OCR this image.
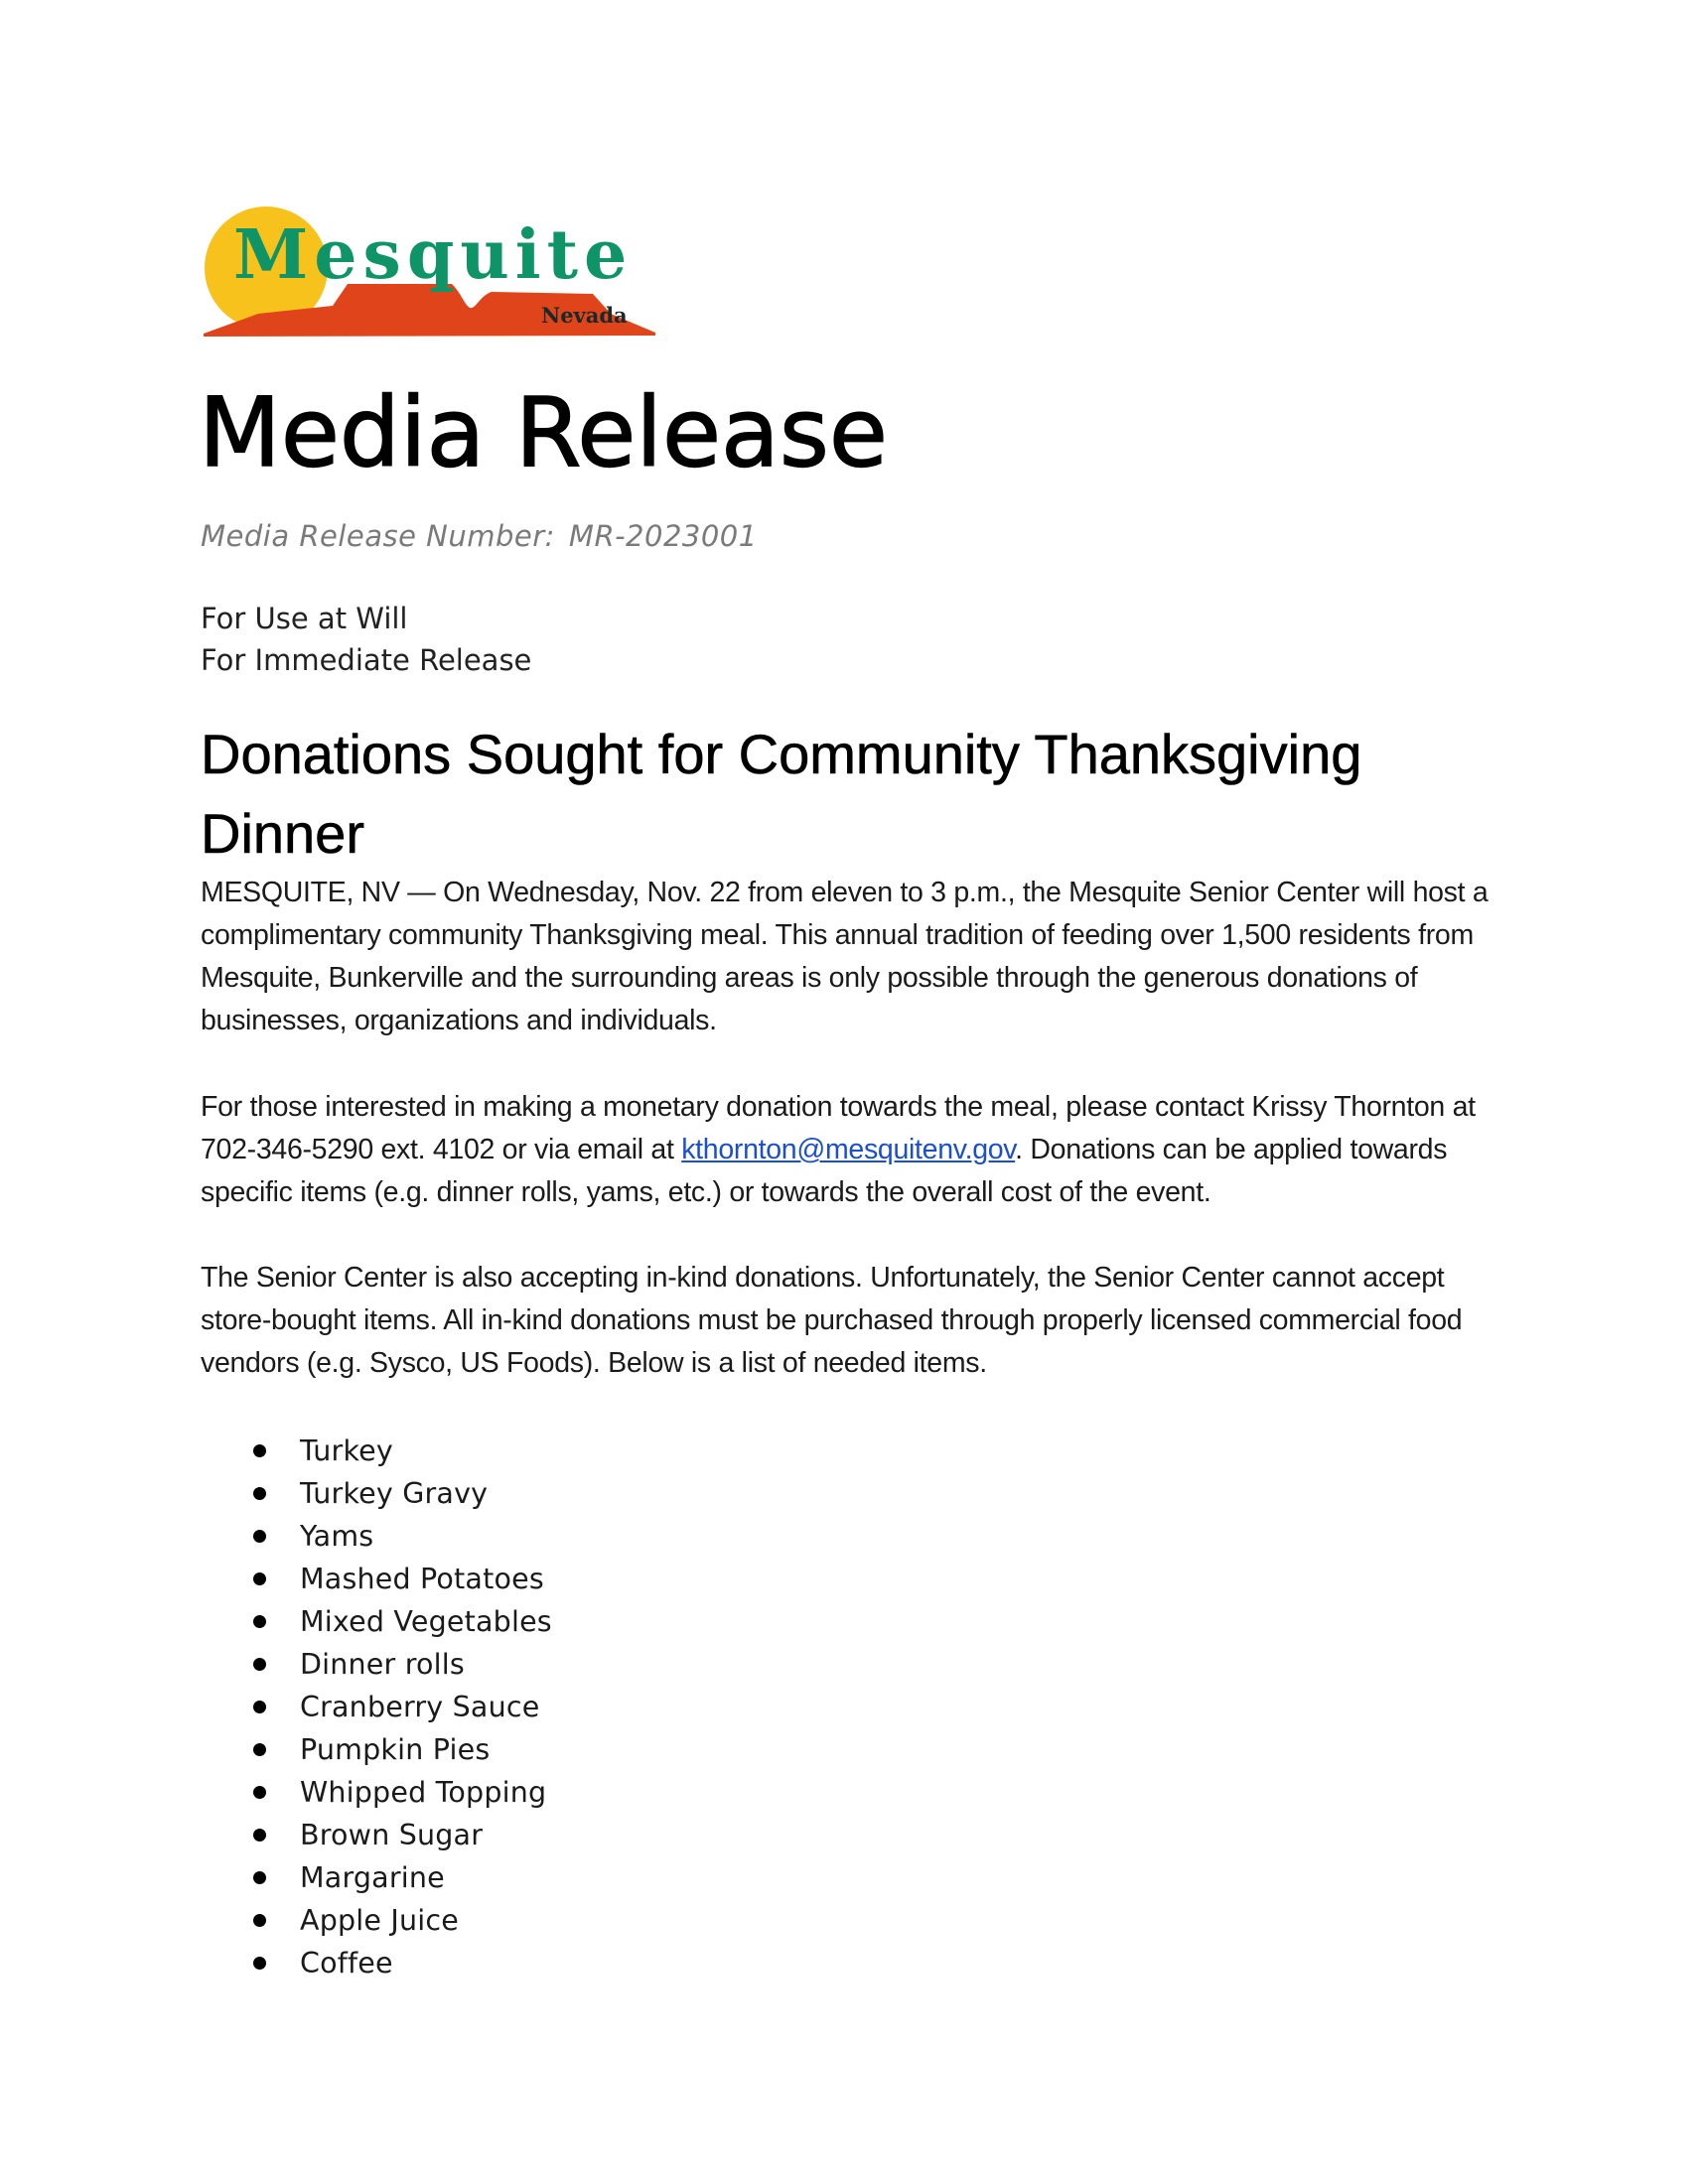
Mesquite
Nevada
Media Release
Media Release Number: MR-2023001
For Use at Will
For Immediate Release
Donations Sought for Community Thanksgiving Dinner
MESQUITE, NV — On Wednesday, Nov. 22 from eleven to 3 p.m., the Mesquite Senior Center will host a complimentary community Thanksgiving meal. This annual tradition of feeding over 1,500 residents from Mesquite, Bunkerville and the surrounding areas is only possible through the generous donations of businesses, organizations and individuals.
For those interested in making a monetary donation towards the meal, please contact Krissy Thornton at 702-346-5290 ext. 4102 or via email at kthornton@mesquitenv.gov. Donations can be applied towards specific items (e.g. dinner rolls, yams, etc.) or towards the overall cost of the event.
The Senior Center is also accepting in-kind donations. Unfortunately, the Senior Center cannot accept store-bought items. All in-kind donations must be purchased through properly licensed commercial food vendors (e.g. Sysco, US Foods). Below is a list of needed items.
Turkey
Turkey Gravy
Yams
Mashed Potatoes
Mixed Vegetables
Dinner rolls
Cranberry Sauce
Pumpkin Pies
Whipped Topping
Brown Sugar
Margarine
Apple Juice
Coffee
